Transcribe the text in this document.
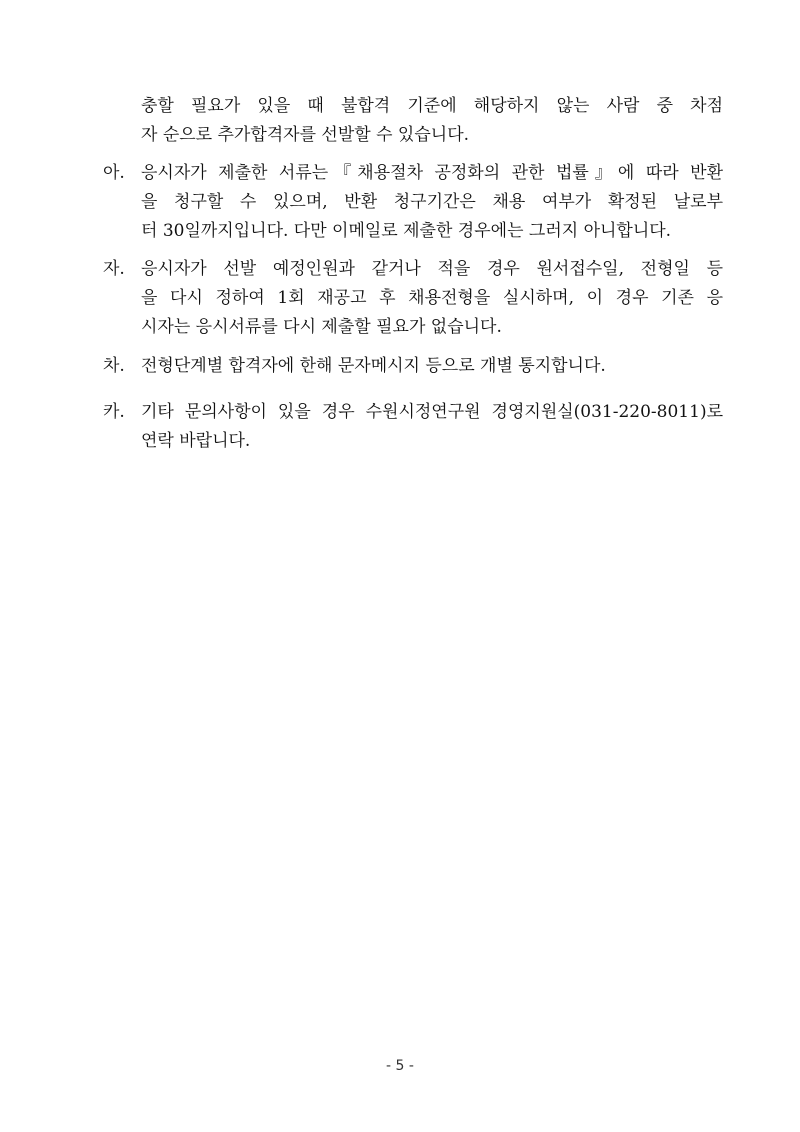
충할 필요가 있을 때 불합격 기준에 해당하지 않는 사람 중 차점
자 순으로 추가합격자를 선발할 수 있습니다.
아. 응시자가 제출한 서류는『채용절차 공정화의 관한 법률』에 따라 반환
을 청구할 수 있으며, 반환 청구기간은 채용 여부가 확정된 날로부
터 30일까지입니다. 다만 이메일로 제출한 경우에는 그러지 아니합니다.
자. 응시자가 선발 예정인원과 같거나 적을 경우 원서접수일, 전형일 등
을 다시 정하여 1회 재공고 후 채용전형을 실시하며, 이 경우 기존 응
시자는 응시서류를 다시 제출할 필요가 없습니다.
차. 전형단계별 합격자에 한해 문자메시지 등으로 개별 통지합니다.
카. 기타 문의사항이 있을 경우 수원시정연구원 경영지원실(031-220-8011)로
연락 바랍니다.
- 5 -
